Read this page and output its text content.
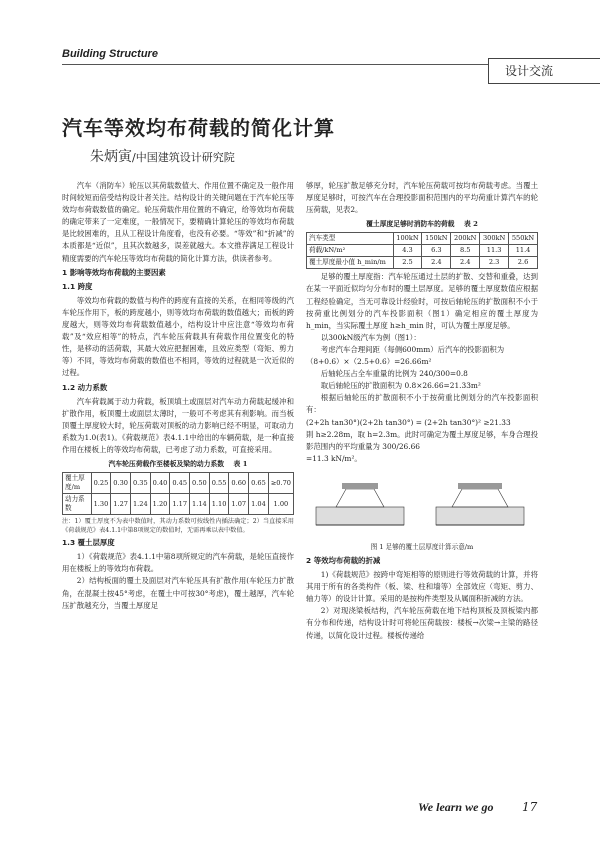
Building Structure
设计交流
汽车等效均布荷载的简化计算
朱炳寅/中国建筑设计研究院

汽车（消防车）轮压以其荷载数值大、作用位置不确定及一般作用时间较短而倍受结构设计者关注。结构设计的关键问题在于汽车轮压等效均布荷载数值的确定。轮压荷载作用位置的不确定，给等效均布荷载的确定带来了一定难度，一般情况下，要精确计算轮压的等效均布荷载是比较困难的，且从工程设计角度看，也没有必要。“等效”和“折减”的本质都是“近似”，且其次数越多，误差就越大。本文推荐满足工程设计精度需要的汽车轮压等效均布荷载的简化计算方法，供读者参考。

1 影响等效均布荷载的主要因素

1.1 跨度

等效均布荷载的数值与构件的跨度有直接的关系，在相同等级的汽车轮压作用下，板的跨度越小，则等效均布荷载的数值越大；而板的跨度越大，则等效均布荷载数值越小，结构设计中应注意“等效均布荷载”及“效应相等”的特点，汽车轮压荷载具有荷载作用位置变化的特性，是移动的活荷载，其最大效应把握困难，且效应类型（弯矩、剪力等）不同，等效均布荷载的数值也不相同，等效的过程就是一次近似的过程。

1.2 动力系数

汽车荷载属于动力荷载，板顶填土或面层对汽车动力荷载起缓冲和扩散作用，板顶覆土或面层太薄时，一般可不考虑其有利影响。而当板顶覆土厚度较大时，轮压荷载对顶板的动力影响已经不明显，可取动力系数为1.0(表1)。《荷载规范》表4.1.1中给出的车辆荷载，是一种直接作用在楼板上的等效均布荷载，已考虑了动力系数，可直接采用。

汽车轮压荷载作至楼板及梁的动力系数 表 1
覆土厚度/m	0.25	0.30	0.35	0.40	0.45	0.50	0.55	0.60	0.65	≥0.70
动力系数	1.30	1.27	1.24	1.20	1.17	1.14	1.10	1.07	1.04	1.00
注：1）覆土厚度不为表中数值时，其动力系数可按线性内插法确定；2）当直接采用《荷载规范》表4.1.1中第8项规定的数值时，无需再乘以表中数值。

1.3 覆土层厚度

1）《荷载规范》表4.1.1中第8项所规定的汽车荷载，是轮压直接作用在楼板上的等效均布荷载。

2）结构板面的覆土及面层对汽车轮压具有扩散作用(车轮压力扩散角，在混凝土按45°考虑，在覆土中可按30°考虑)，覆土越厚，汽车轮压扩散越充分，当覆土厚度足

够厚，轮压扩散足够充分时，汽车轮压荷载可按均布荷载考虑。当覆土厚度足够时，可按汽车在合理投影面积范围内的平均荷重计算汽车的轮压荷载，见表2。

覆土厚度足够时消防车的荷载 表 2
汽车类型	100kN	150kN	200kN	300kN	550kN
荷载/kN/m²	4.3	6.3	8.5	11.3	11.4
覆土厚度最小值 h_min/m	2.5	2.4	2.4	2.3	2.6

足够的覆土厚度指：汽车轮压通过土层的扩散、交替和重叠，达到在某一平面近似均匀分布时的覆土层厚度。足够的覆土厚度数值应根据工程经验确定，当无可靠设计经验时，可按后轴轮压的扩散面积不小于按荷重比例划分的汽车投影面积（图1）确定相应的覆土厚度为 h_min，当实际覆土厚度 h≥h_min 时，可认为覆土厚度足够。

以300kN级汽车为例（图1）：

考虑汽车合理间距（每侧600mm）后汽车的投影面积为

（8+0.6）×（2.5+0.6）=26.66m²

后轴轮压占全车重量的比例为 240/300=0.8

取后轴轮压的扩散面积为 0.8×26.66=21.33m²

根据后轴轮压的扩散面积不小于按荷重比例划分的汽车投影面积有：

(2+2h tan30°)(2+2h tan30°) = (2+2h tan30°)² ≥21.33

則 h≥2.28m，取 h=2.3m。此时可确定为覆土厚度足够，车身合理投影范围内的平均重量为 300/26.66

=11.3 kN/m²。

图 1 足够的覆土层厚度计算示意/m

2 等效均布荷载的折减

1)《荷载规范》按跨中弯矩相等的原则进行等效荷载的计算，并将其用于所有的各类构件（板、梁、柱和墙等）全部效应（弯矩、剪力、轴力等）的设计计算。采用的是按构件类型及从属面积折减的方法。

2）对现浇梁板结构，汽车轮压荷载在地下结构顶板及顶板梁内都有分布和传递，结构设计时可将轮压荷载按：楼板→次梁→主梁的路径传递，以简化设计过程。楼板传递给

We learn we go 17
